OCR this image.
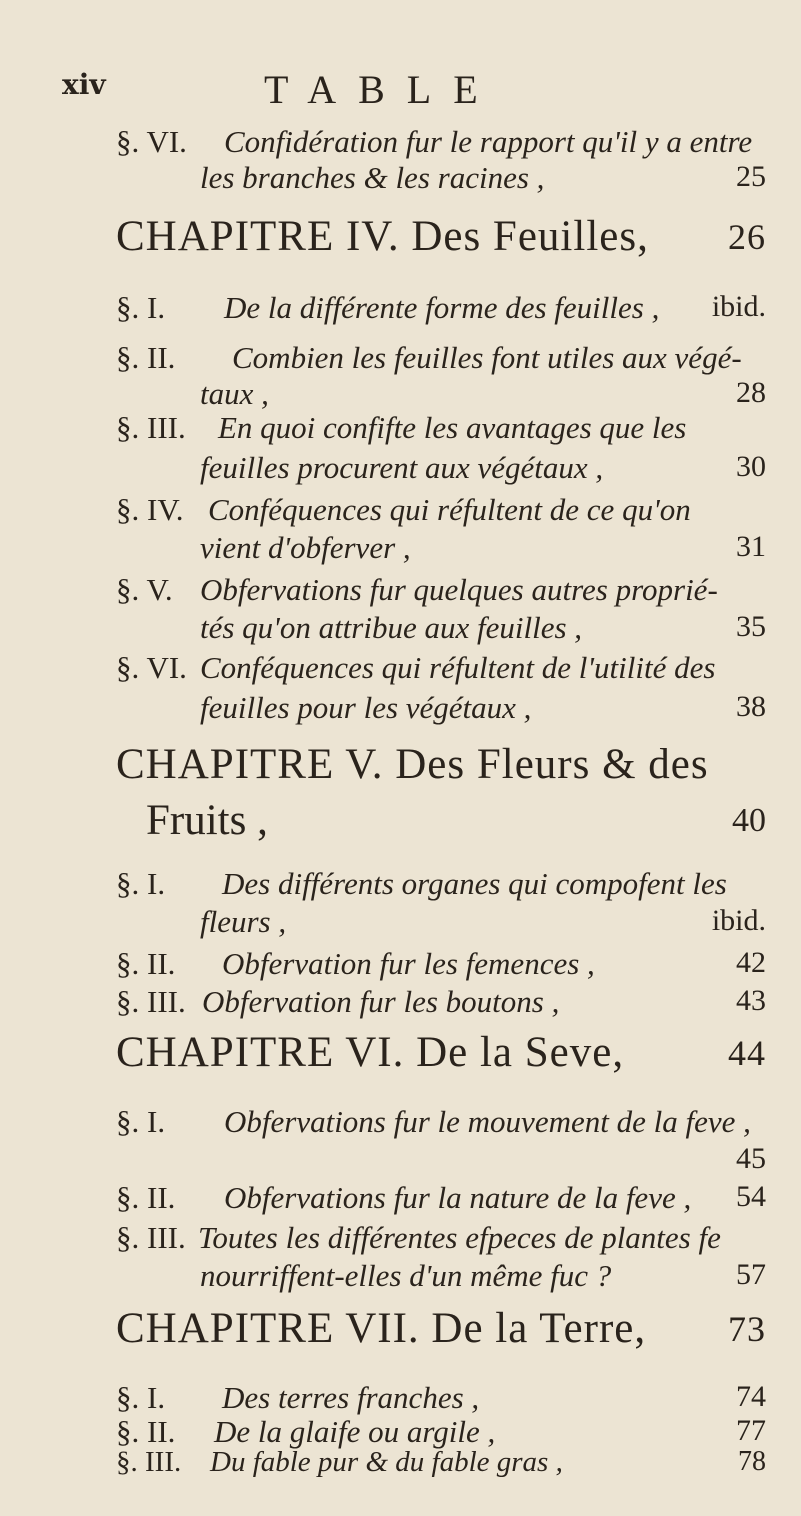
xiv	TABLE
§. VI. Confidération fur le rapport qu'il y a entre
les branches & les racines ,	25
CHAPITRE IV. Des Feuilles, 26
§. I. De la différente forme des feuilles , ibid.
§. II. Combien les feuilles font utiles aux végé-
taux ,	28
§. III. En quoi confifte les avantages que les
feuilles procurent aux végétaux ,	30
§. IV. Conféquences qui réfultent de ce qu'on
vient d'obferver ,	31
§. V. Obfervations fur quelques autres proprié-
tés qu'on attribue aux feuilles ,	35
§. VI. Conféquences qui réfultent de l'utilité des
feuilles pour les végétaux ,	38
CHAPITRE V. Des Fleurs & des
Fruits ,	40
§. I. Des différents organes qui compofent les
fleurs ,	ibid.
§. II. Obfervation fur les femences ,	42
§. III. Obfervation fur les boutons ,	43
CHAPITRE VI. De la Seve,	44
§. I. Obfervations fur le mouvement de la feve ,
45
§. II. Obfervations fur la nature de la feve , 54
§. III. Toutes les différentes efpeces de plantes fe
nourriffent-elles d'un même fuc ?	57
CHAPITRE VII. De la Terre, 73
§. I. Des terres franches ,	74
§. II. De la glaife ou argile ,	77
§. III. Du fable pur & du fable gras ,	78
